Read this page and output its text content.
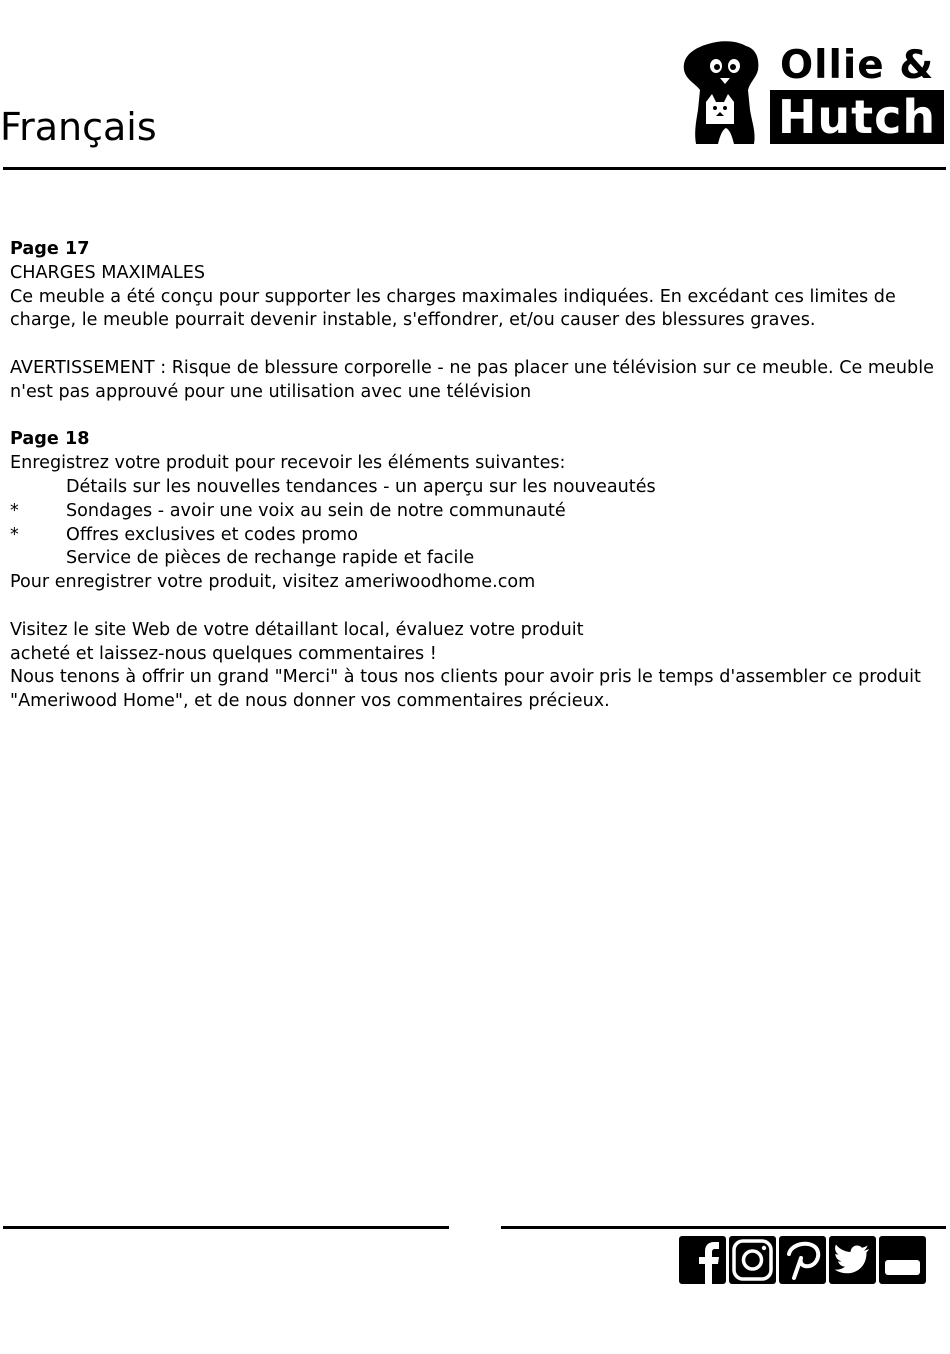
Français
Ollie &
Hutch

Page 17

CHARGES MAXIMALES

Ce meuble a été conçu pour supporter les charges maximales indiquées. En excédant ces limites de

charge, le meuble pourrait devenir instable, s'effondrer, et/ou causer des blessures graves.

AVERTISSEMENT : Risque de blessure corporelle - ne pas placer une télévision sur ce meuble. Ce meuble

n'est pas approuvé pour une utilisation avec une télévision

Page 18

Enregistrez votre produit pour recevoir les éléments suivantes:

Détails sur les nouvelles tendances - un aperçu sur les nouveautés

*	Sondages - avoir une voix au sein de notre communauté

*	Offres exclusives et codes promo

Service de pièces de rechange rapide et facile

Pour enregistrer votre produit, visitez ameriwoodhome.com

Visitez le site Web de votre détaillant local, évaluez votre produit

acheté et laissez-nous quelques commentaires !

Nous tenons à offrir un grand "Merci" à tous nos clients pour avoir pris le temps d'assembler ce produit

"Ameriwood Home", et de nous donner vos commentaires précieux.
